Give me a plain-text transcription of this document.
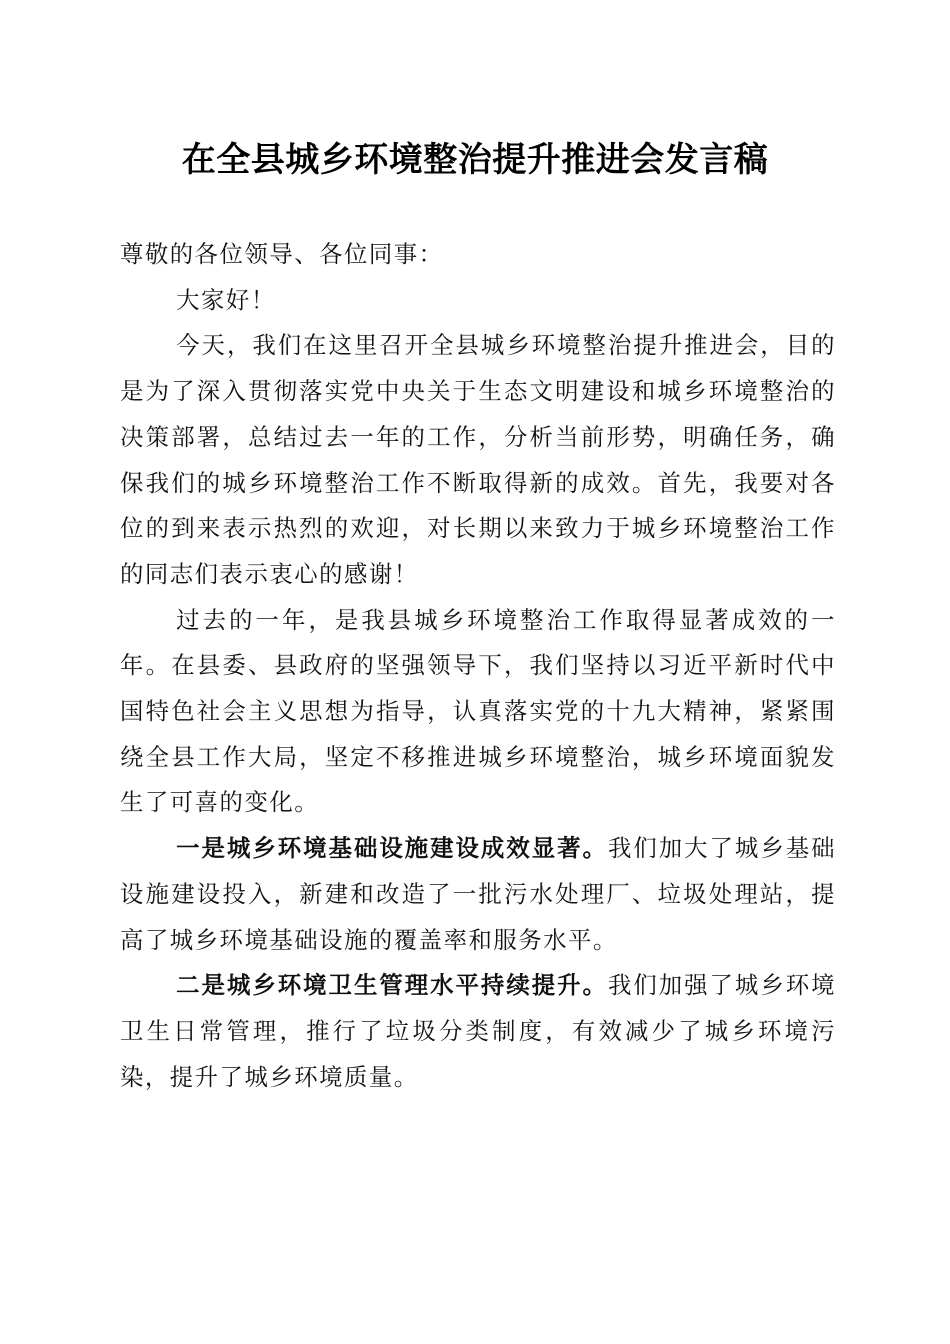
在全县城乡环境整治提升推进会发言稿

尊敬的各位领导、各位同事：

大家好！

今天，我们在这里召开全县城乡环境整治提升推进会，目的是为了深入贯彻落实党中央关于生态文明建设和城乡环境整治的决策部署，总结过去一年的工作，分析当前形势，明确任务，确保我们的城乡环境整治工作不断取得新的成效。首先，我要对各位的到来表示热烈的欢迎，对长期以来致力于城乡环境整治工作的同志们表示衷心的感谢！

过去的一年，是我县城乡环境整治工作取得显著成效的一年。在县委、县政府的坚强领导下，我们坚持以习近平新时代中国特色社会主义思想为指导，认真落实党的十九大精神，紧紧围绕全县工作大局，坚定不移推进城乡环境整治，城乡环境面貌发生了可喜的变化。

一是城乡环境基础设施建设成效显著。我们加大了城乡基础设施建设投入，新建和改造了一批污水处理厂、垃圾处理站，提高了城乡环境基础设施的覆盖率和服务水平。

二是城乡环境卫生管理水平持续提升。我们加强了城乡环境卫生日常管理，推行了垃圾分类制度，有效减少了城乡环境污染，提升了城乡环境质量。
